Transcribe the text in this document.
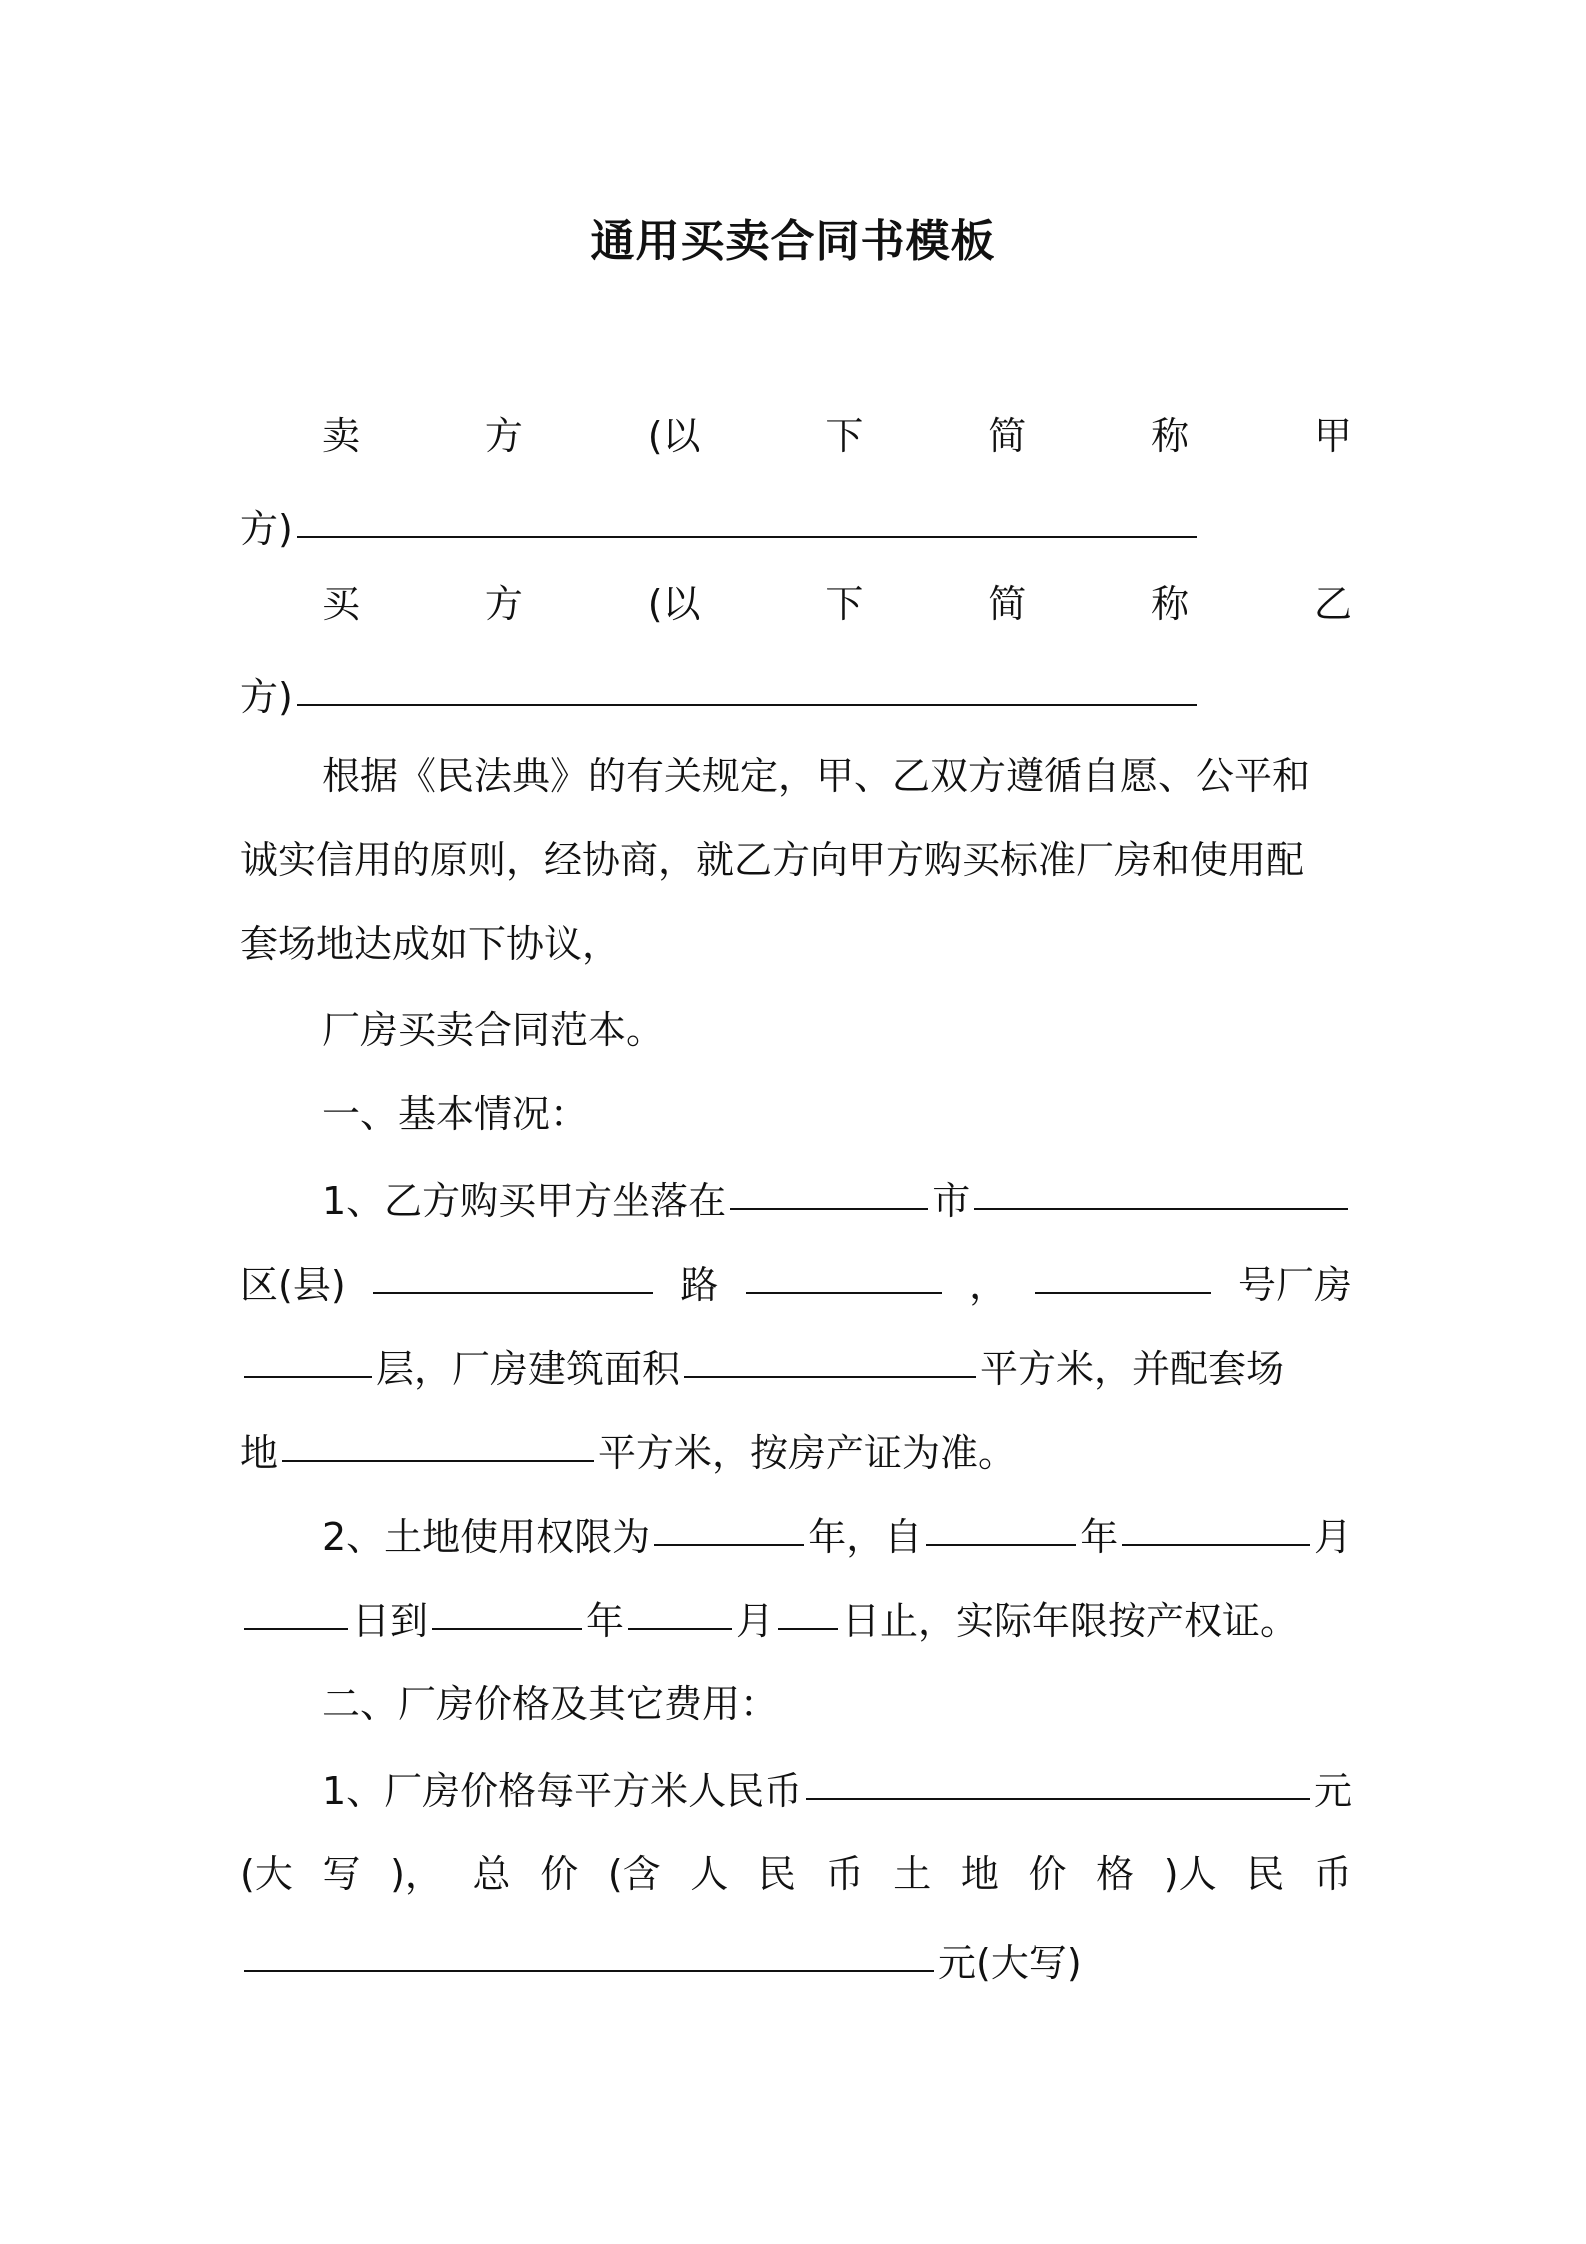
通用买卖合同书模板
卖	方	(以	下	简	称	甲
方)
买	方	(以	下	简	称	乙
方)
根据《民法典》的有关规定，甲、乙双方遵循自愿、公平和
诚实信用的原则，经协商，就乙方向甲方购买标准厂房和使用配
套场地达成如下协议，
厂房买卖合同范本。
一、基本情况：
1、乙方购买甲方坐落在	市
区(县)	路	，	号厂房
层，厂房建筑面积	平方米，并配套场
地	平方米，按房产证为准。
2、土地使用权限为	年，自	年	月
日到	年	月 日止，实际年限按产权证。
二、厂房价格及其它费用：
1、厂房价格每平方米人民币	元
(大 写 )， 总 价 (含 人 民 币 土 地 价 格 )人 民 币
元(大写)
